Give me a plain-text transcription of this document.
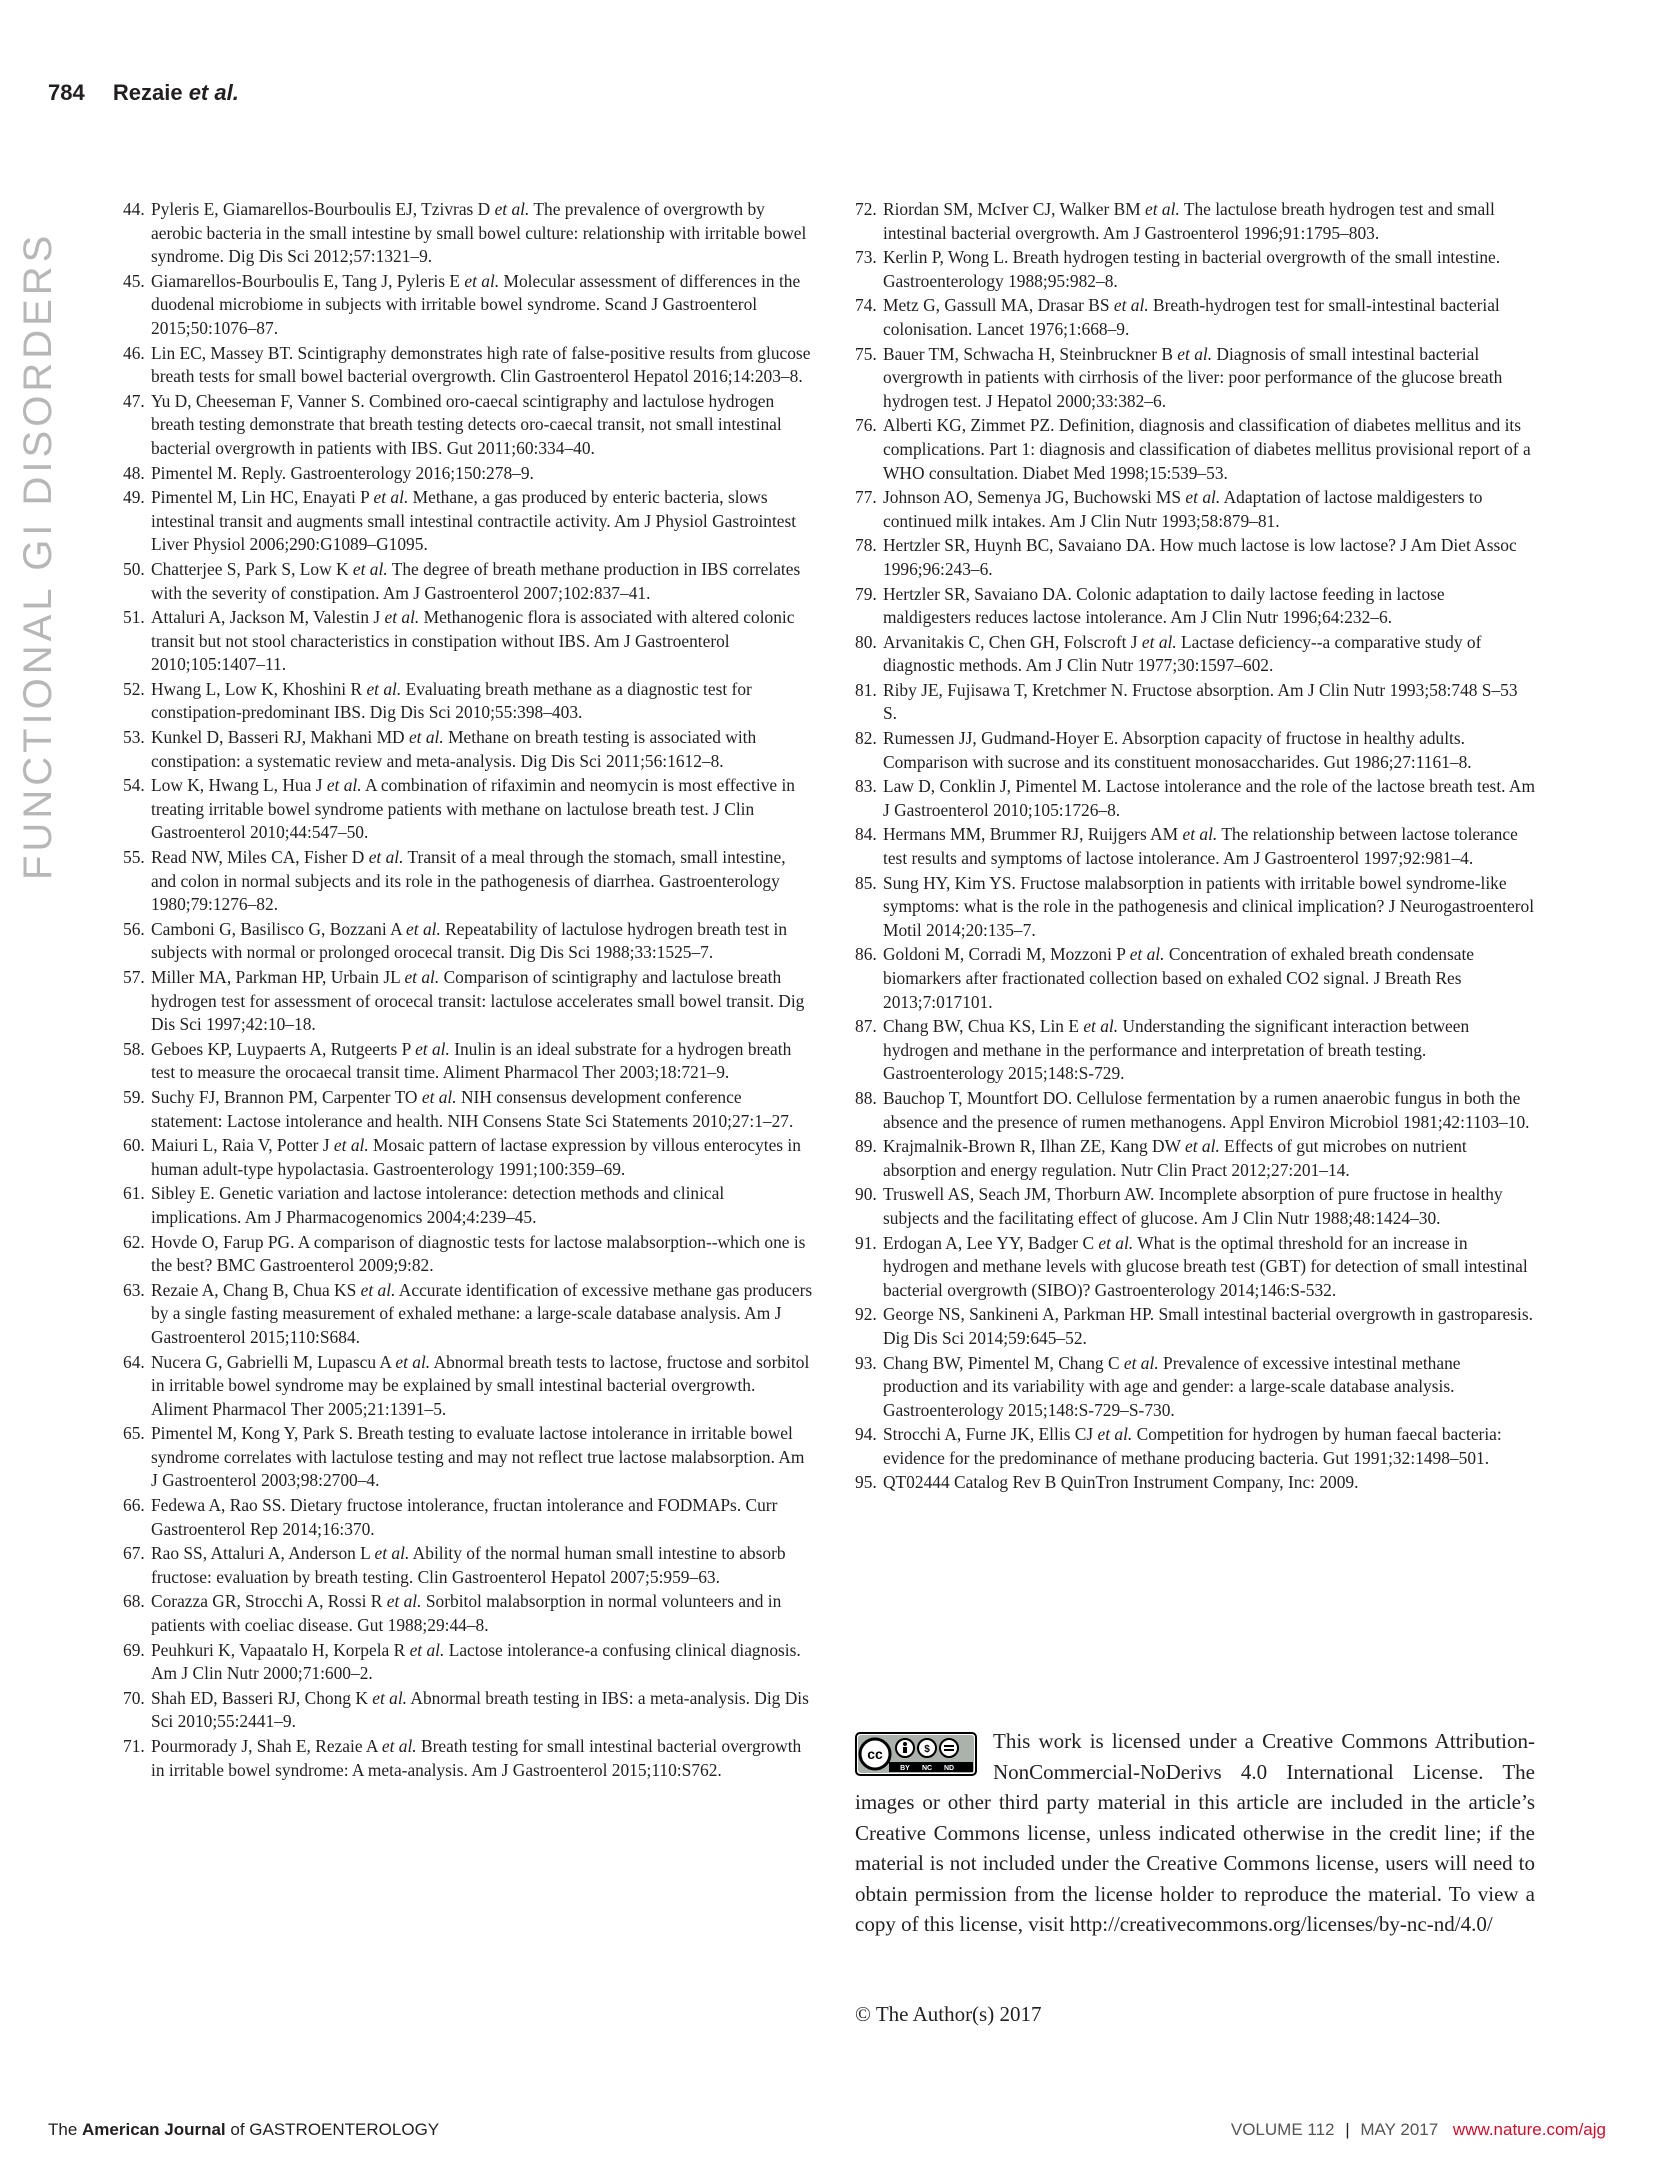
784 Rezaie et al.
FUNCTIONAL GI DISORDERS
44. Pyleris E, Giamarellos-Bourboulis EJ, Tzivras D et al. The prevalence of overgrowth by aerobic bacteria in the small intestine by small bowel culture: relationship with irritable bowel syndrome. Dig Dis Sci 2012;57:1321–9.
45. Giamarellos-Bourboulis E, Tang J, Pyleris E et al. Molecular assessment of differences in the duodenal microbiome in subjects with irritable bowel syndrome. Scand J Gastroenterol 2015;50:1076–87.
46. Lin EC, Massey BT. Scintigraphy demonstrates high rate of false-positive results from glucose breath tests for small bowel bacterial overgrowth. Clin Gastroenterol Hepatol 2016;14:203–8.
47. Yu D, Cheeseman F, Vanner S. Combined oro-caecal scintigraphy and lactulose hydrogen breath testing demonstrate that breath testing detects oro-caecal transit, not small intestinal bacterial overgrowth in patients with IBS. Gut 2011;60:334–40.
48. Pimentel M. Reply. Gastroenterology 2016;150:278–9.
49. Pimentel M, Lin HC, Enayati P et al. Methane, a gas produced by enteric bacteria, slows intestinal transit and augments small intestinal contractile activity. Am J Physiol Gastrointest Liver Physiol 2006;290:G1089–G1095.
50. Chatterjee S, Park S, Low K et al. The degree of breath methane production in IBS correlates with the severity of constipation. Am J Gastroenterol 2007;102:837–41.
51. Attaluri A, Jackson M, Valestin J et al. Methanogenic flora is associated with altered colonic transit but not stool characteristics in constipation without IBS. Am J Gastroenterol 2010;105:1407–11.
52. Hwang L, Low K, Khoshini R et al. Evaluating breath methane as a diagnostic test for constipation-predominant IBS. Dig Dis Sci 2010;55:398–403.
53. Kunkel D, Basseri RJ, Makhani MD et al. Methane on breath testing is associated with constipation: a systematic review and meta-analysis. Dig Dis Sci 2011;56:1612–8.
54. Low K, Hwang L, Hua J et al. A combination of rifaximin and neomycin is most effective in treating irritable bowel syndrome patients with methane on lactulose breath test. J Clin Gastroenterol 2010;44:547–50.
55. Read NW, Miles CA, Fisher D et al. Transit of a meal through the stomach, small intestine, and colon in normal subjects and its role in the pathogenesis of diarrhea. Gastroenterology 1980;79:1276–82.
56. Camboni G, Basilisco G, Bozzani A et al. Repeatability of lactulose hydrogen breath test in subjects with normal or prolonged orocecal transit. Dig Dis Sci 1988;33:1525–7.
57. Miller MA, Parkman HP, Urbain JL et al. Comparison of scintigraphy and lactulose breath hydrogen test for assessment of orocecal transit: lactulose accelerates small bowel transit. Dig Dis Sci 1997;42:10–18.
58. Geboes KP, Luypaerts A, Rutgeerts P et al. Inulin is an ideal substrate for a hydrogen breath test to measure the orocaecal transit time. Aliment Pharmacol Ther 2003;18:721–9.
59. Suchy FJ, Brannon PM, Carpenter TO et al. NIH consensus development conference statement: Lactose intolerance and health. NIH Consens State Sci Statements 2010;27:1–27.
60. Maiuri L, Raia V, Potter J et al. Mosaic pattern of lactase expression by villous enterocytes in human adult-type hypolactasia. Gastroenterology 1991;100:359–69.
61. Sibley E. Genetic variation and lactose intolerance: detection methods and clinical implications. Am J Pharmacogenomics 2004;4:239–45.
62. Hovde O, Farup PG. A comparison of diagnostic tests for lactose malabsorption--which one is the best? BMC Gastroenterol 2009;9:82.
63. Rezaie A, Chang B, Chua KS et al. Accurate identification of excessive methane gas producers by a single fasting measurement of exhaled methane: a large-scale database analysis. Am J Gastroenterol 2015;110:S684.
64. Nucera G, Gabrielli M, Lupascu A et al. Abnormal breath tests to lactose, fructose and sorbitol in irritable bowel syndrome may be explained by small intestinal bacterial overgrowth. Aliment Pharmacol Ther 2005;21:1391–5.
65. Pimentel M, Kong Y, Park S. Breath testing to evaluate lactose intolerance in irritable bowel syndrome correlates with lactulose testing and may not reflect true lactose malabsorption. Am J Gastroenterol 2003;98:2700–4.
66. Fedewa A, Rao SS. Dietary fructose intolerance, fructan intolerance and FODMAPs. Curr Gastroenterol Rep 2014;16:370.
67. Rao SS, Attaluri A, Anderson L et al. Ability of the normal human small intestine to absorb fructose: evaluation by breath testing. Clin Gastroenterol Hepatol 2007;5:959–63.
68. Corazza GR, Strocchi A, Rossi R et al. Sorbitol malabsorption in normal volunteers and in patients with coeliac disease. Gut 1988;29:44–8.
69. Peuhkuri K, Vapaatalo H, Korpela R et al. Lactose intolerance-a confusing clinical diagnosis. Am J Clin Nutr 2000;71:600–2.
70. Shah ED, Basseri RJ, Chong K et al. Abnormal breath testing in IBS: a meta-analysis. Dig Dis Sci 2010;55:2441–9.
71. Pourmorady J, Shah E, Rezaie A et al. Breath testing for small intestinal bacterial overgrowth in irritable bowel syndrome: A meta-analysis. Am J Gastroenterol 2015;110:S762.
72. Riordan SM, McIver CJ, Walker BM et al. The lactulose breath hydrogen test and small intestinal bacterial overgrowth. Am J Gastroenterol 1996;91:1795–803.
73. Kerlin P, Wong L. Breath hydrogen testing in bacterial overgrowth of the small intestine. Gastroenterology 1988;95:982–8.
74. Metz G, Gassull MA, Drasar BS et al. Breath-hydrogen test for small-intestinal bacterial colonisation. Lancet 1976;1:668–9.
75. Bauer TM, Schwacha H, Steinbruckner B et al. Diagnosis of small intestinal bacterial overgrowth in patients with cirrhosis of the liver: poor performance of the glucose breath hydrogen test. J Hepatol 2000;33:382–6.
76. Alberti KG, Zimmet PZ. Definition, diagnosis and classification of diabetes mellitus and its complications. Part 1: diagnosis and classification of diabetes mellitus provisional report of a WHO consultation. Diabet Med 1998;15:539–53.
77. Johnson AO, Semenya JG, Buchowski MS et al. Adaptation of lactose maldigesters to continued milk intakes. Am J Clin Nutr 1993;58:879–81.
78. Hertzler SR, Huynh BC, Savaiano DA. How much lactose is low lactose? J Am Diet Assoc 1996;96:243–6.
79. Hertzler SR, Savaiano DA. Colonic adaptation to daily lactose feeding in lactose maldigesters reduces lactose intolerance. Am J Clin Nutr 1996;64:232–6.
80. Arvanitakis C, Chen GH, Folscroft J et al. Lactase deficiency--a comparative study of diagnostic methods. Am J Clin Nutr 1977;30:1597–602.
81. Riby JE, Fujisawa T, Kretchmer N. Fructose absorption. Am J Clin Nutr 1993;58:748 S–53 S.
82. Rumessen JJ, Gudmand-Hoyer E. Absorption capacity of fructose in healthy adults. Comparison with sucrose and its constituent monosaccharides. Gut 1986;27:1161–8.
83. Law D, Conklin J, Pimentel M. Lactose intolerance and the role of the lactose breath test. Am J Gastroenterol 2010;105:1726–8.
84. Hermans MM, Brummer RJ, Ruijgers AM et al. The relationship between lactose tolerance test results and symptoms of lactose intolerance. Am J Gastroenterol 1997;92:981–4.
85. Sung HY, Kim YS. Fructose malabsorption in patients with irritable bowel syndrome-like symptoms: what is the role in the pathogenesis and clinical implication? J Neurogastroenterol Motil 2014;20:135–7.
86. Goldoni M, Corradi M, Mozzoni P et al. Concentration of exhaled breath condensate biomarkers after fractionated collection based on exhaled CO2 signal. J Breath Res 2013;7:017101.
87. Chang BW, Chua KS, Lin E et al. Understanding the significant interaction between hydrogen and methane in the performance and interpretation of breath testing. Gastroenterology 2015;148:S-729.
88. Bauchop T, Mountfort DO. Cellulose fermentation by a rumen anaerobic fungus in both the absence and the presence of rumen methanogens. Appl Environ Microbiol 1981;42:1103–10.
89. Krajmalnik-Brown R, Ilhan ZE, Kang DW et al. Effects of gut microbes on nutrient absorption and energy regulation. Nutr Clin Pract 2012;27:201–14.
90. Truswell AS, Seach JM, Thorburn AW. Incomplete absorption of pure fructose in healthy subjects and the facilitating effect of glucose. Am J Clin Nutr 1988;48:1424–30.
91. Erdogan A, Lee YY, Badger C et al. What is the optimal threshold for an increase in hydrogen and methane levels with glucose breath test (GBT) for detection of small intestinal bacterial overgrowth (SIBO)? Gastroenterology 2014;146:S-532.
92. George NS, Sankineni A, Parkman HP. Small intestinal bacterial overgrowth in gastroparesis. Dig Dis Sci 2014;59:645–52.
93. Chang BW, Pimentel M, Chang C et al. Prevalence of excessive intestinal methane production and its variability with age and gender: a large-scale database analysis. Gastroenterology 2015;148:S-729–S-730.
94. Strocchi A, Furne JK, Ellis CJ et al. Competition for hydrogen by human faecal bacteria: evidence for the predominance of methane producing bacteria. Gut 1991;32:1498–501.
95. QT02444 Catalog Rev B QuinTron Instrument Company, Inc: 2009.
cc	$
BY NC ND
This work is licensed under a Creative Commons Attribution-NonCommercial-NoDerivs 4.0 International License. The images or other third party material in this article are included in the article’s Creative Commons license, unless indicated otherwise in the credit line; if the material is not included under the Creative Commons license, users will need to obtain permission from the license holder to reproduce the material. To view a copy of this license, visit http://creativecommons.org/licenses/by-nc-nd/4.0/
© The Author(s) 2017
The American Journal of GASTROENTEROLOGY	VOLUME 112 | MAY 2017 www.nature.com/ajg
